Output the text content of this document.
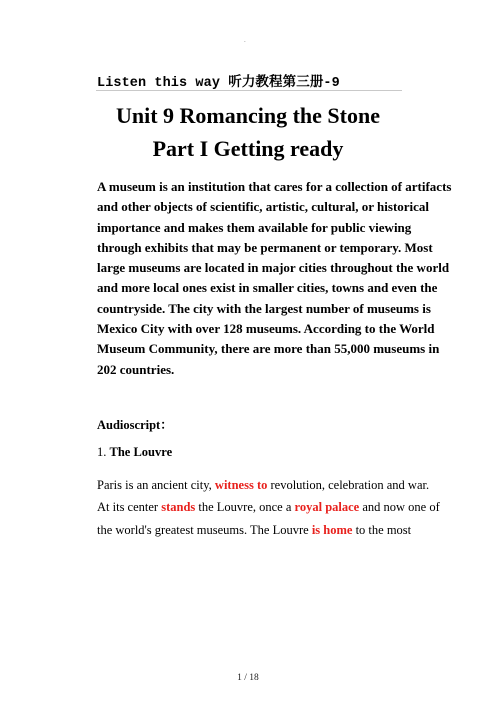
.
Listen this way 听力教程第三册-9
Unit 9 Romancing the Stone
Part I Getting ready
A museum is an institution that cares for a collection of artifacts
and other objects of scientific, artistic, cultural, or historical
importance and makes them available for public viewing
through exhibits that may be permanent or temporary. Most
large museums are located in major cities throughout the world
and more local ones exist in smaller cities, towns and even the
countryside. The city with the largest number of museums is
Mexico City with over 128 museums. According to the World
Museum Community, there are more than 55,000 museums in
202 countries.
Audioscript：
1. The Louvre
Paris is an ancient city, witness to revolution, celebration and war.
At its center stands the Louvre, once a royal palace and now one of
the world's greatest museums. The Louvre is home to the most
1 / 18
